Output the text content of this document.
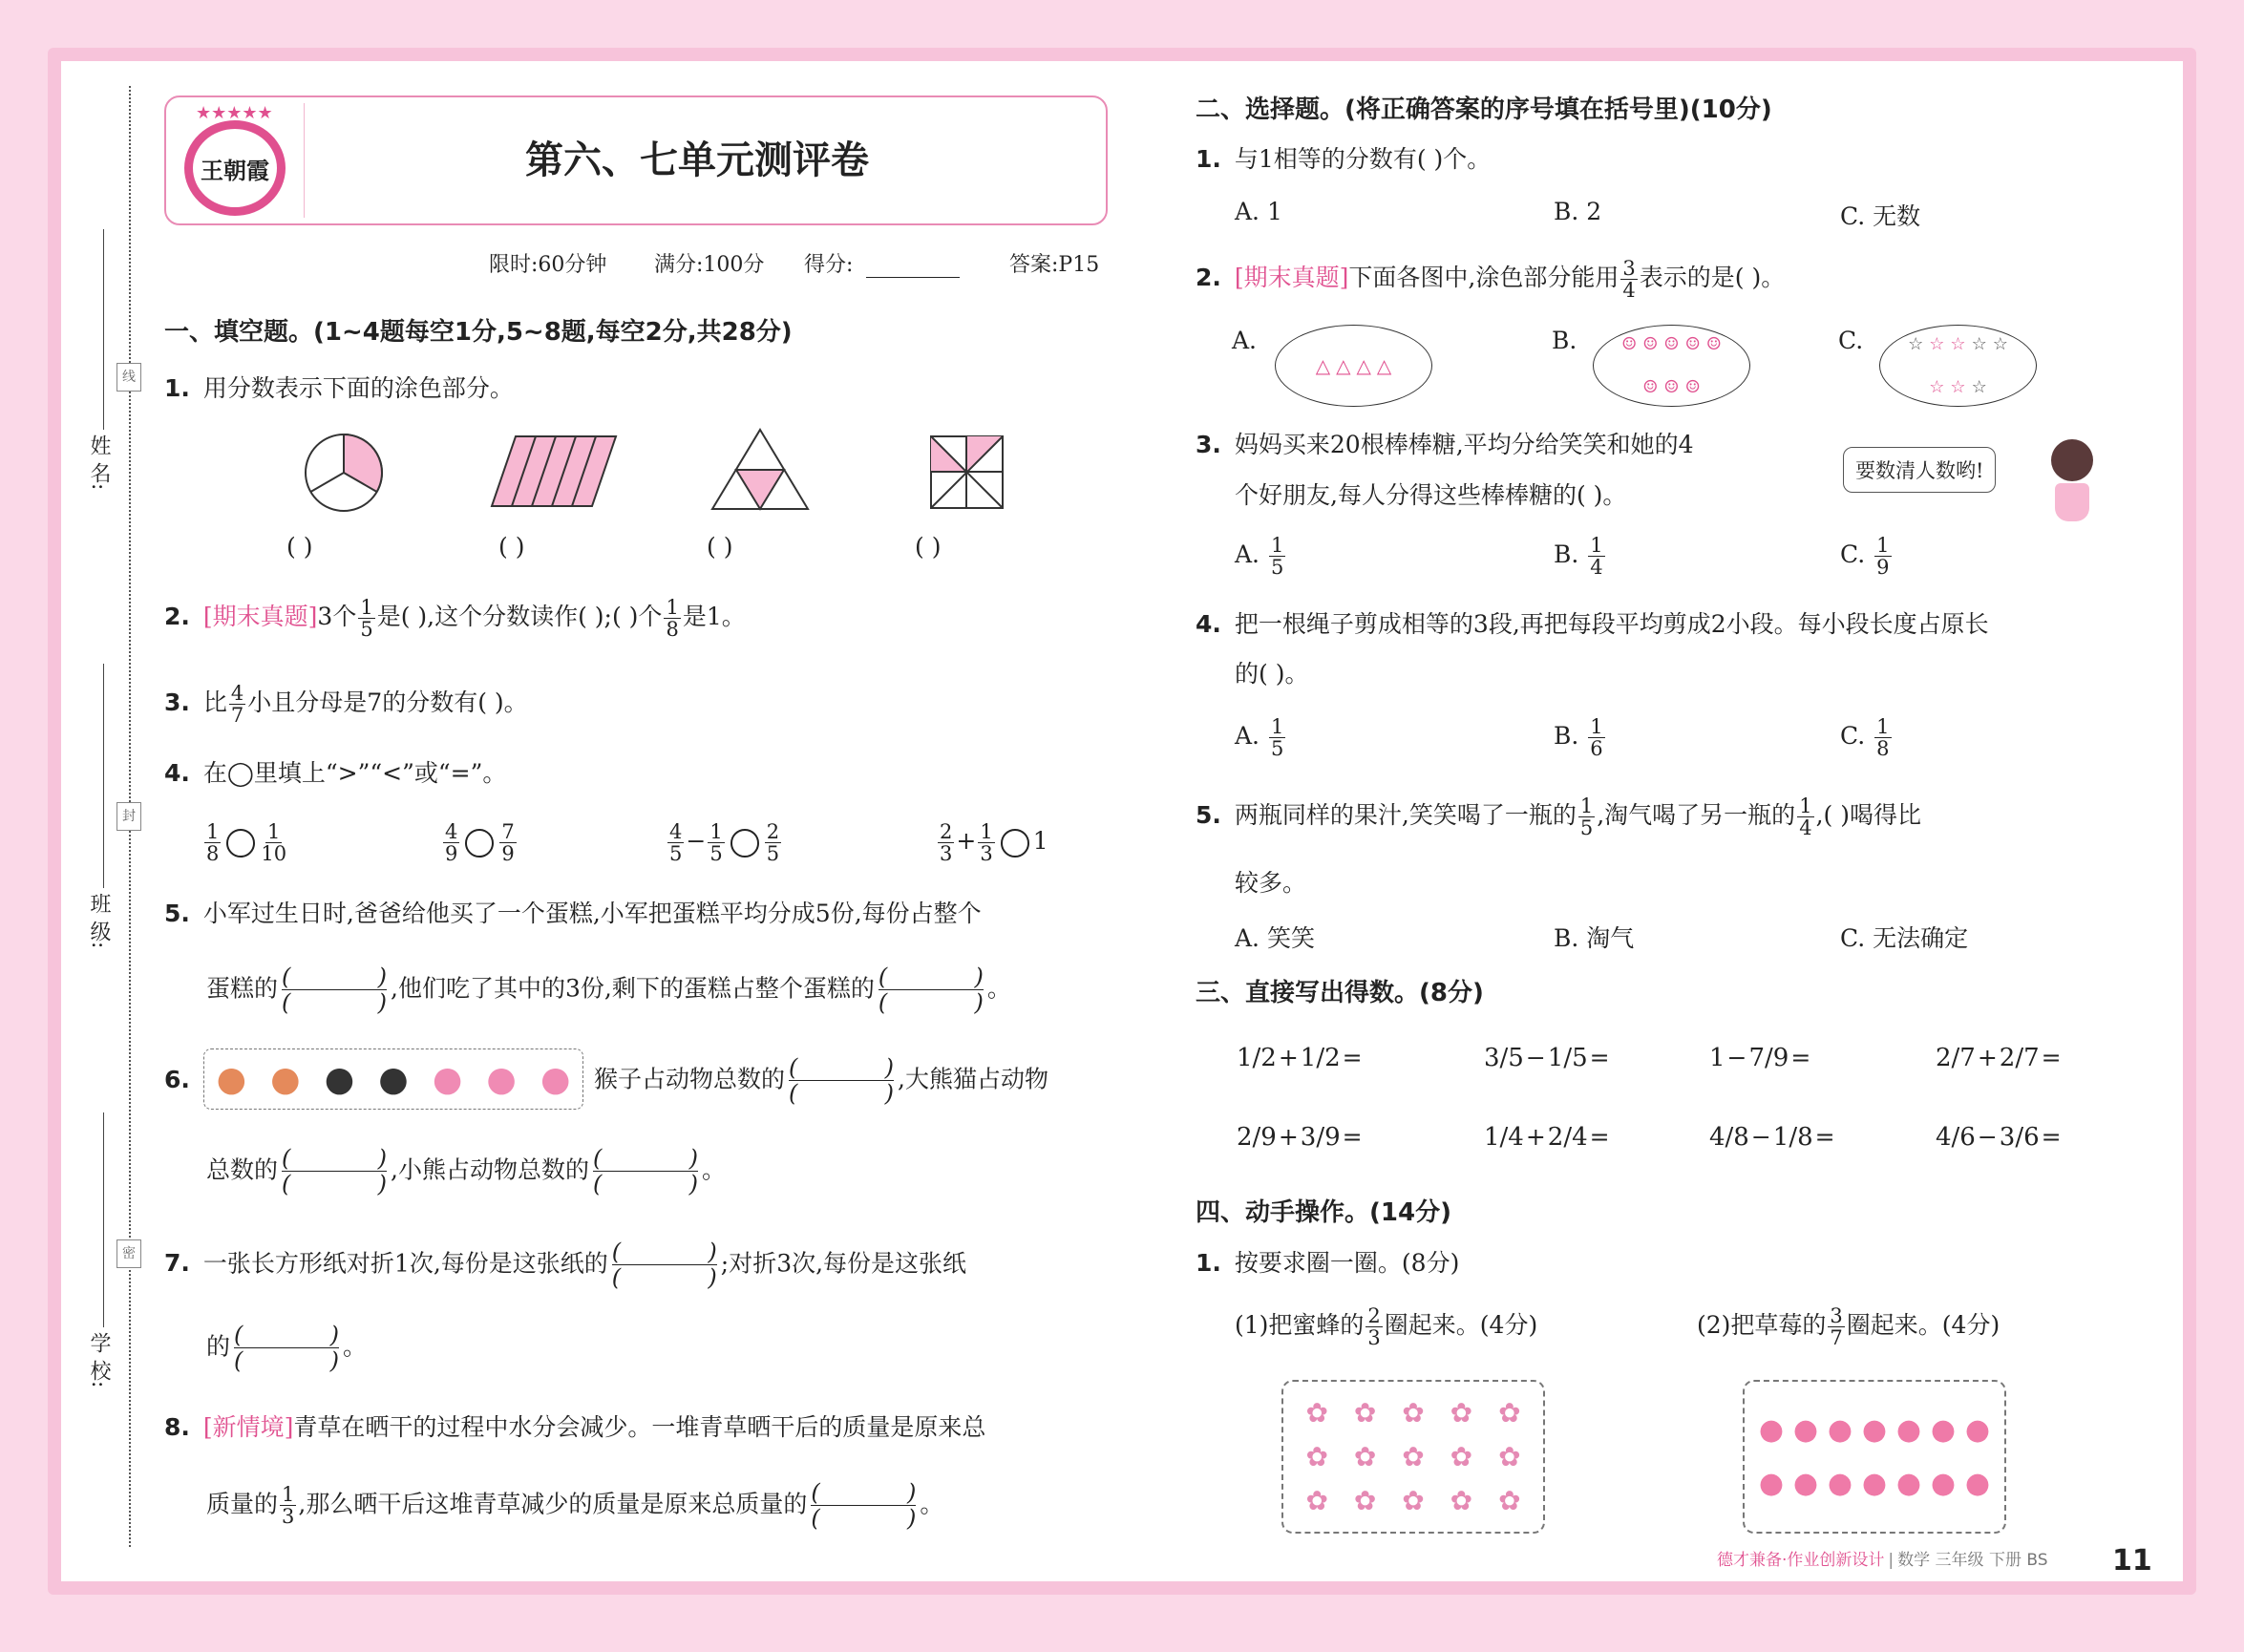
姓 名:
班 级:
学 校:
线
封
密
王朝霞
★★★★★
第六、七单元测评卷
限时:60分钟 满分:100分 得分:	答案:P15
一、填空题。(1~4题每空1分,5~8题,每空2分,共28分)
1. 用分数表示下面的涂色部分。
( )	( )	( )	( )
2. [期末真题]3个 $\frac{1}{5}$ 是( ),这个分数读作( );( )个 $\frac{1}{8}$ 是1。
3. 比 $\frac{4}{7}$ 小且分母是7的分数有( )。
4. 在◯里填上“>”“<”或“=”。
$\frac{1}{8} \frac{1}{10}$	$\frac{4}{9} \frac{7}{9}$	$\frac{4}{5} - \frac{1}{5} \frac{2}{5}$	$\frac{2}{3} + \frac{1}{3} 1$
5. 小军过生日时,爸爸给他买了一个蛋糕,小军把蛋糕平均分成5份,每份占整个
蛋糕的 (	)
(	)
,他们吃了其中的3份,剩下的蛋糕占整个蛋糕的 (	)
(	)
。
● ● ● ● ● ● ●
6.	猴子占动物总数的 (	)
(	)
,大熊猫占动物
总数的 (	)
(	)
,小熊占动物总数的 (	)
(	)
。
7. 一张长方形纸对折1次,每份是这张纸的 (	)
(	)
;对折3次,每份是这张纸
的 (	)
(	)
。
8. [新情境]青草在晒干的过程中水分会减少。一堆青草晒干后的质量是原来总
质量的 $\frac{1}{3}$ ,那么晒干后这堆青草减少的质量是原来总质量的 (	)
(	)
。
二、选择题。(将正确答案的序号填在括号里)(10分)
1. 与1相等的分数有( )个。
A. 1	B. 2	C. 无数
2. [期末真题]下面各图中,涂色部分能用 $\frac{3}{4}$ 表示的是( )。
A.
△ △ △ △
B.	☺ ☺ ☺ ☺ ☺
☺ ☺ ☺
C.	☆ ☆ ☆ ☆ ☆
☆ ☆ ☆
3. 妈妈买来20根棒棒糖,平均分给笑笑和她的4
个好朋友,每人分得这些棒棒糖的( )。
要数清人数哟!
A. $\frac{1}{5}$	B. $\frac{1}{4}$	C. $\frac{1}{9}$
4. 把一根绳子剪成相等的3段,再把每段平均剪成2小段。每小段长度占原长
的( )。
A. $\frac{1}{5}$	B. $\frac{1}{6}$	C. $\frac{1}{8}$
5. 两瓶同样的果汁,笑笑喝了一瓶的 $\frac{1}{5}$ ,淘气喝了另一瓶的 $\frac{1}{4}$ ,( )喝得比
较多。
A. 笑笑	B. 淘气	C. 无法确定
三、直接写出得数。(8分)
1/2+1/2=	3/5−1/5=	1−7/9=	2/7+2/7=
2/9+3/9=	1/4+2/4=	4/8−1/8=	4/6−3/6=
四、动手操作。(14分)
1. 按要求圈一圈。(8分)
(1)把蜜蜂的 $\frac{2}{3}$ 圈起来。(4分)	(2)把草莓的 $\frac{3}{7}$ 圈起来。(4分)
✿ ✿ ✿ ✿ ✿
✿ ✿ ✿ ✿ ✿
✿ ✿ ✿ ✿ ✿
● ● ● ● ● ● ●
● ● ● ● ● ● ●
德才兼备·作业创新设计 | 数学 三年级 下册 BS 11
